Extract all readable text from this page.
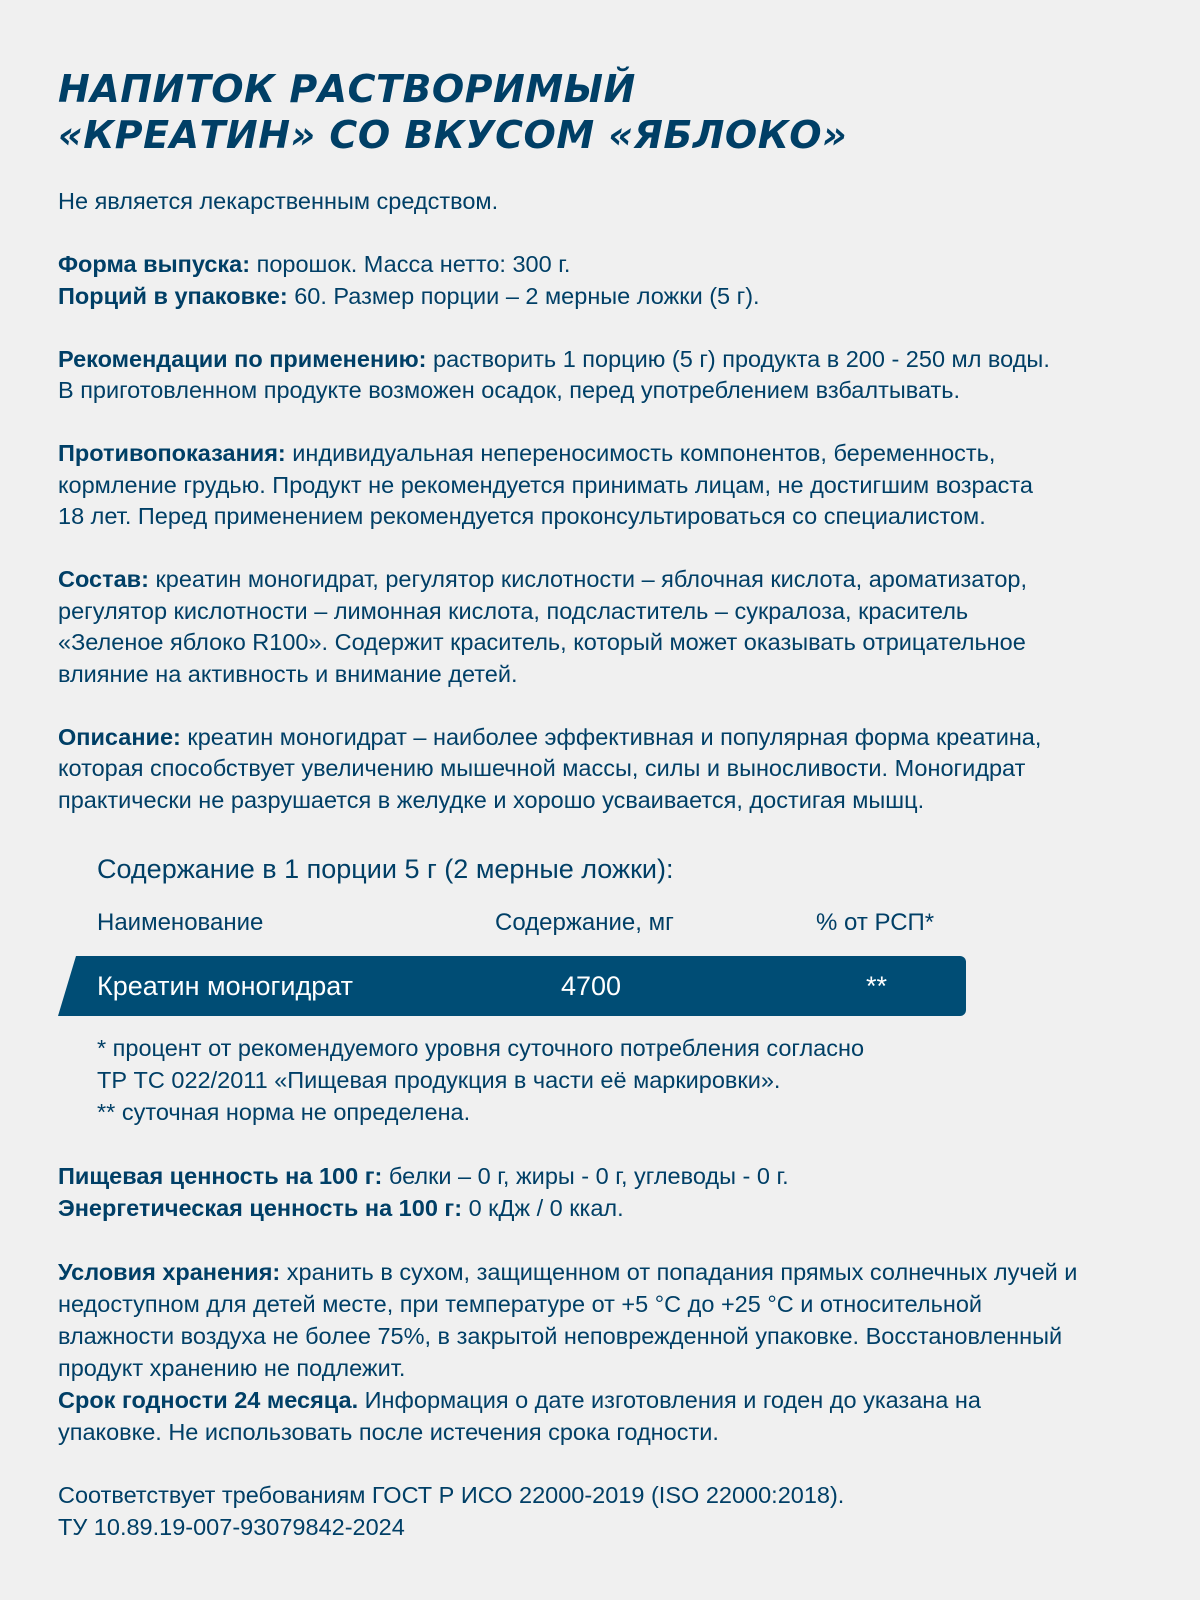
НАПИТОК РАСТВОРИМЫЙ
«КРЕАТИН» СО ВКУСОМ «ЯБЛОКО»

Не является лекарственным средством.

Форма выпуска: порошок. Масса нетто: 300 г.

Порций в упаковке: 60. Размер порции – 2 мерные ложки (5 г).

Рекомендации по применению: растворить 1 порцию (5 г) продукта в 200 - 250 мл воды.

В приготовленном продукте возможен осадок, перед употреблением взбалтывать.

Противопоказания: индивидуальная непереносимость компонентов, беременность,

кормление грудью. Продукт не рекомендуется принимать лицам, не достигшим возраста

18 лет. Перед применением рекомендуется проконсультироваться со специалистом.

Состав: креатин моногидрат, регулятор кислотности – яблочная кислота, ароматизатор,

регулятор кислотности – лимонная кислота, подсластитель – сукралоза, краситель

«Зеленое яблоко R100». Содержит краситель, который может оказывать отрицательное

влияние на активность и внимание детей.

Описание: креатин моногидрат – наиболее эффективная и популярная форма креатина,

которая способствует увеличению мышечной массы, силы и выносливости. Моногидрат

практически не разрушается в желудке и хорошо усваивается, достигая мышц.

Содержание в 1 порции 5 г (2 мерные ложки):
Наименование	Содержание, мг	% от РСП*
Креатин моногидрат	4700	**

* процент от рекомендуемого уровня суточного потребления согласно

ТР ТС 022/2011 «Пищевая продукция в части её маркировки».

** суточная норма не определена.

Пищевая ценность на 100 г: белки – 0 г, жиры - 0 г, углеводы - 0 г.

Энергетическая ценность на 100 г: 0 кДж / 0 ккал.

Условия хранения: хранить в сухом, защищенном от попадания прямых солнечных лучей и

недоступном для детей месте, при температуре от +5 °С до +25 °С и относительной

влажности воздуха не более 75%, в закрытой неповрежденной упаковке. Восстановленный

продукт хранению не подлежит.

Срок годности 24 месяца. Информация о дате изготовления и годен до указана на

упаковке. Не использовать после истечения срока годности.

Соответствует требованиям ГОСТ Р ИСО 22000-2019 (ISO 22000:2018).

ТУ 10.89.19-007-93079842-2024
